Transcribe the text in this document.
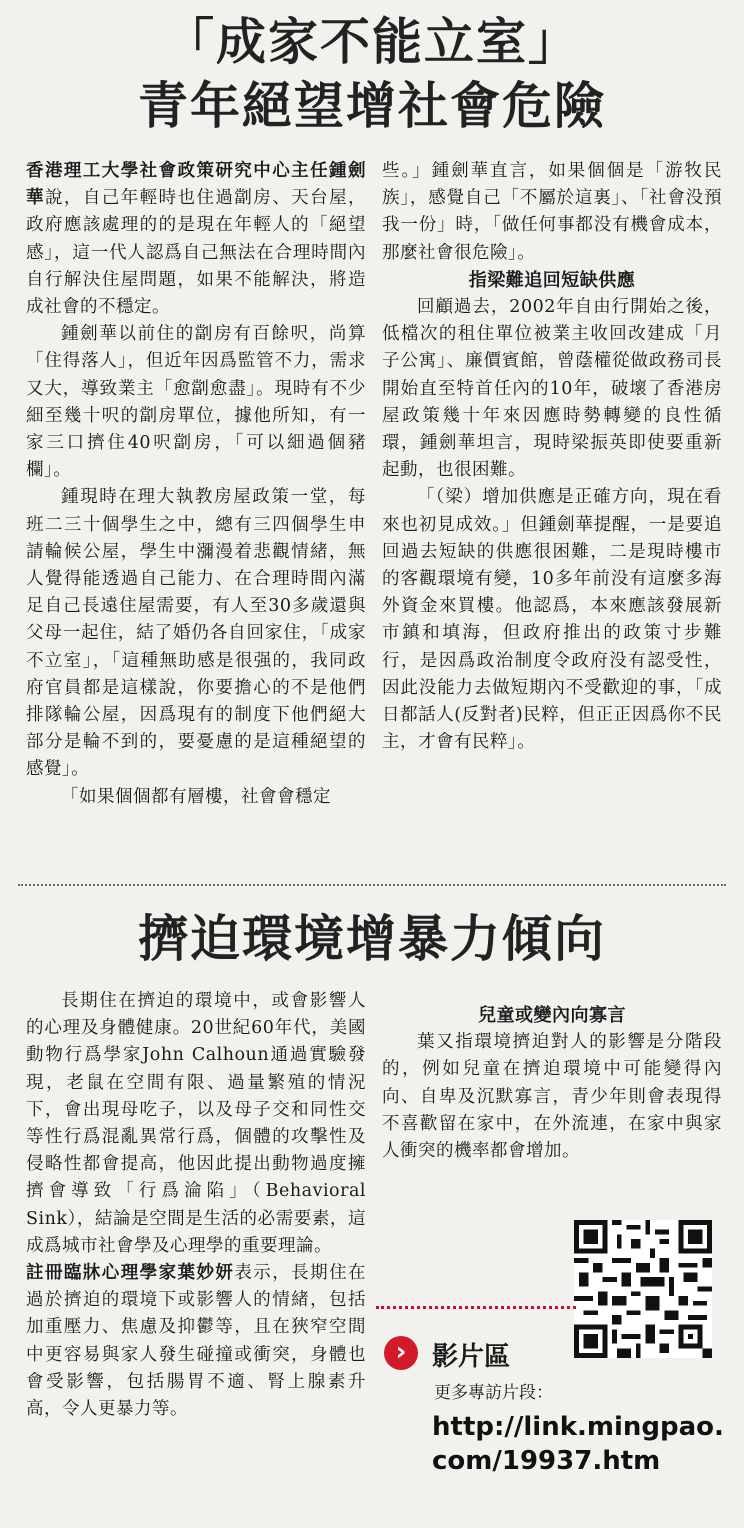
「成家不能立室」
青年絕望增社會危險

香港理工大學社會政策研究中心主任鍾劍華說，自己年輕時也住過劏房、天台屋，政府應該處理的的是現在年輕人的「絕望感」，這一代人認爲自己無法在合理時間內自行解決住屋問題，如果不能解決，將造成社會的不穩定。

鍾劍華以前住的劏房有百餘呎，尚算「住得落人」，但近年因爲監管不力，需求又大，導致業主「愈劏愈盡」。現時有不少細至幾十呎的劏房單位，據他所知，有一家三口擠住40呎劏房，「可以細過個豬欄」。

鍾現時在理大執教房屋政策一堂，每班二三十個學生之中，總有三四個學生申請輪候公屋，學生中瀰漫着悲觀情緒，無人覺得能透過自己能力、在合理時間內滿足自己長遠住屋需要，有人至30多歲還與父母一起住，結了婚仍各自回家住，「成家不立室」，「這種無助感是很强的，我同政府官員都是這樣說，你要擔心的不是他們排隊輪公屋，因爲現有的制度下他們絕大部分是輪不到的，要憂慮的是這種絕望的感覺」。

「如果個個都有層樓，社會會穩定

些。」鍾劍華直言，如果個個是「游牧民族」，感覺自己「不屬於這裏」、「社會没預我一份」時，「做任何事都没有機會成本，那麼社會很危險」。

指梁難追回短缺供應

回顧過去，2002年自由行開始之後，低檔次的租住單位被業主收回改建成「月子公寓」、廉價賓館，曾蔭權從做政務司長開始直至特首任內的10年，破壞了香港房屋政策幾十年來因應時勢轉變的良性循環，鍾劍華坦言，現時梁振英即使要重新起動，也很困難。

「（梁）增加供應是正確方向，現在看來也初見成效。」但鍾劍華提醒，一是要追回過去短缺的供應很困難，二是現時樓市的客觀環境有變，10多年前没有這麼多海外資金來買樓。他認爲，本來應該發展新市鎮和填海，但政府推出的政策寸步難行，是因爲政治制度令政府没有認受性，因此没能力去做短期內不受歡迎的事，「成日都話人(反對者)民粹，但正正因爲你不民主，才會有民粹」。

擠迫環境增暴力傾向

長期住在擠迫的環境中，或會影響人的心理及身體健康。20世紀60年代，美國動物行爲學家John Calhoun通過實驗發現，老鼠在空間有限、過量繁殖的情況下，會出現母吃子，以及母子交和同性交等性行爲混亂異常行爲，個體的攻擊性及侵略性都會提高，他因此提出動物過度擁擠會導致「行爲淪陷」（Behavioral Sink），結論是空間是生活的必需要素，這成爲城市社會學及心理學的重要理論。

註冊臨牀心理學家葉妙妍表示，長期住在過於擠迫的環境下或影響人的情緒，包括加重壓力、焦慮及抑鬱等，且在狹窄空間中更容易與家人發生碰撞或衝突，身體也會受影響，包括腸胃不適、腎上腺素升高，令人更暴力等。

兒童或變內向寡言

葉又指環境擠迫對人的影響是分階段的，例如兒童在擠迫環境中可能變得內向、自卑及沉默寡言，青少年則會表現得不喜歡留在家中，在外流連，在家中與家人衝突的機率都會增加。

› 影片區
更多專訪片段：
http://link.mingpao.
com/19937.htm
